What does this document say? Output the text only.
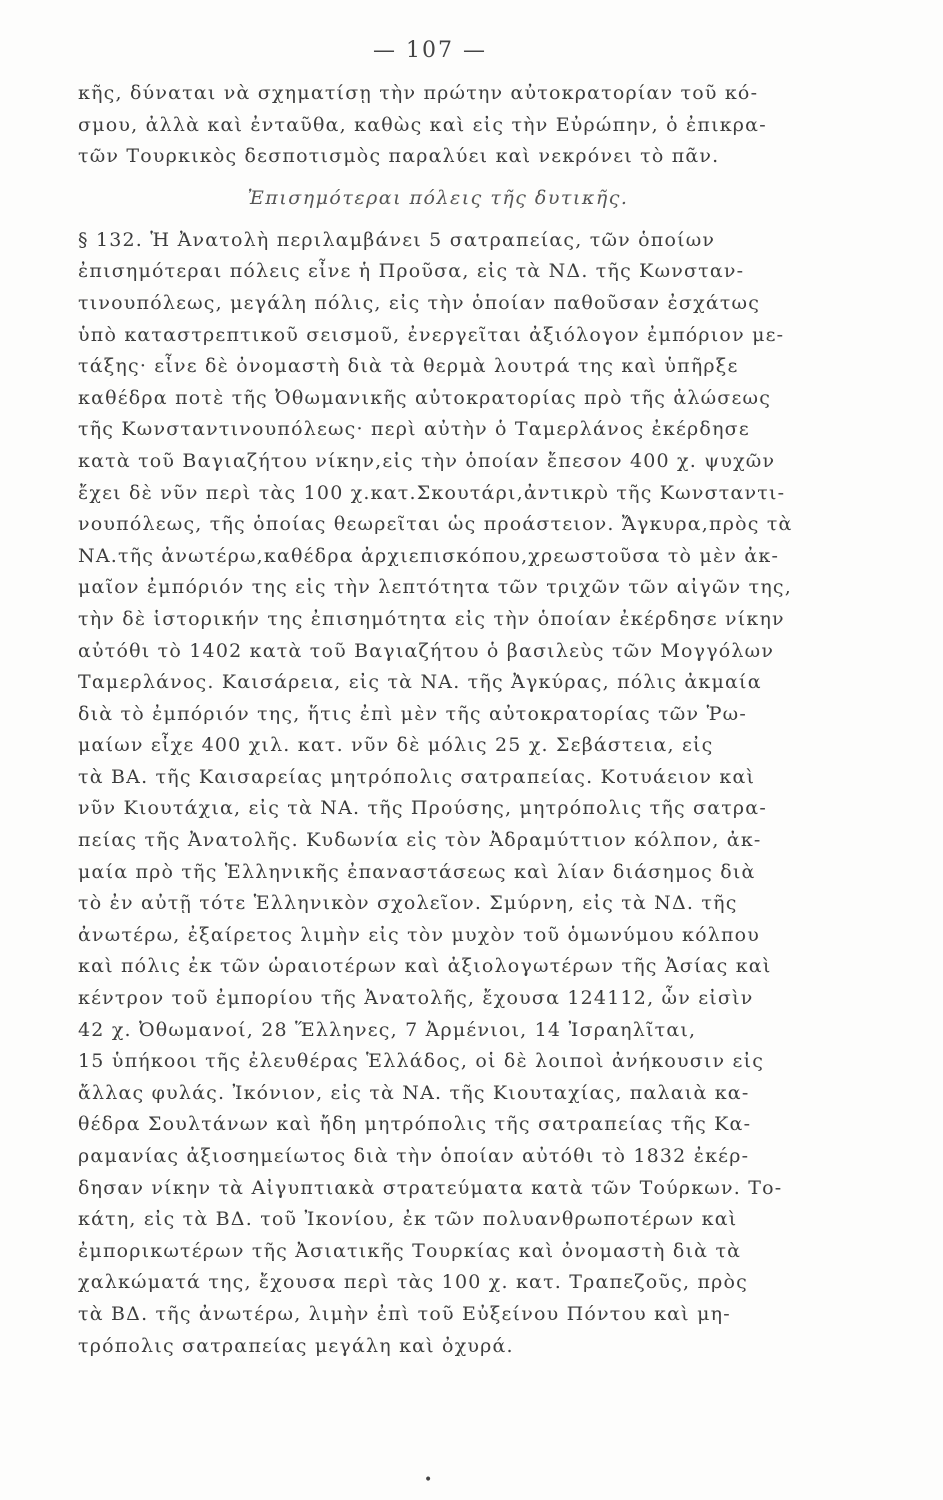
— 107 —
κῆς, δύναται νὰ σχηματίσῃ τὴν πρώτην αὐτοκρατορίαν τοῦ κό-
σμου, ἀλλὰ καὶ ἐνταῦθα, καθὼς καὶ εἰς τὴν Εὐρώπην, ὁ ἐπικρα-
τῶν Τουρκικὸς δεσποτισμὸς παραλύει καὶ νεκρόνει τὸ πᾶν.
Ἐπισημότεραι πόλεις τῆς δυτικῆς.
§ 132. Ἡ Ἀνατολὴ περιλαμβάνει 5 σατραπείας, τῶν ὁποίων
ἐπισημότεραι πόλεις εἶνε ἡ Προῦσα, εἰς τὰ ΝΔ. τῆς Κωνσταν-
τινουπόλεως, μεγάλη πόλις, εἰς τὴν ὁποίαν παθοῦσαν ἐσχάτως
ὑπὸ καταστρεπτικοῦ σεισμοῦ, ἐνεργεῖται ἀξιόλογον ἐμπόριον με-
τάξης· εἶνε δὲ ὀνομαστὴ διὰ τὰ θερμὰ λουτρά της καὶ ὑπῆρξε
καθέδρα ποτὲ τῆς Ὀθωμανικῆς αὐτοκρατορίας πρὸ τῆς ἁλώσεως
τῆς Κωνσταντινουπόλεως· περὶ αὐτὴν ὁ Ταμερλάνος ἐκέρδησε
κατὰ τοῦ Βαγιαζήτου νίκην,εἰς τὴν ὁποίαν ἔπεσον 400 χ. ψυχῶν
ἔχει δὲ νῦν περὶ τὰς 100 χ.κατ.Σκουτάρι,ἀντικρὺ τῆς Κωνσταντι-
νουπόλεως, τῆς ὁποίας θεωρεῖται ὡς προάστειον. Ἄγκυρα,πρὸς τὰ
ΝΑ.τῆς ἀνωτέρω,καθέδρα ἀρχιεπισκόπου,χρεωστοῦσα τὸ μὲν ἀκ-
μαῖον ἐμπόριόν της εἰς τὴν λεπτότητα τῶν τριχῶν τῶν αἰγῶν της,
τὴν δὲ ἱστορικήν της ἐπισημότητα εἰς τὴν ὁποίαν ἐκέρδησε νίκην
αὐτόθι τὸ 1402 κατὰ τοῦ Βαγιαζήτου ὁ βασιλεὺς τῶν Μογγόλων
Ταμερλάνος. Καισάρεια, εἰς τὰ ΝΑ. τῆς Ἀγκύρας, πόλις ἀκμαία
διὰ τὸ ἐμπόριόν της, ἥτις ἐπὶ μὲν τῆς αὐτοκρατορίας τῶν Ῥω-
μαίων εἶχε 400 χιλ. κατ. νῦν δὲ μόλις 25 χ. Σεβάστεια, εἰς
τὰ ΒΑ. τῆς Καισαρείας μητρόπολις σατραπείας. Κοτυάειον καὶ
νῦν Κιουτάχια, εἰς τὰ ΝΑ. τῆς Προύσης, μητρόπολις τῆς σατρα-
πείας τῆς Ἀνατολῆς. Κυδωνία εἰς τὸν Ἀδραμύττιον κόλπον, ἀκ-
μαία πρὸ τῆς Ἑλληνικῆς ἐπαναστάσεως καὶ λίαν διάσημος διὰ
τὸ ἐν αὐτῇ τότε Ἑλληνικὸν σχολεῖον. Σμύρνη, εἰς τὰ ΝΔ. τῆς
ἀνωτέρω, ἐξαίρετος λιμὴν εἰς τὸν μυχὸν τοῦ ὁμωνύμου κόλπου
καὶ πόλις ἐκ τῶν ὡραιοτέρων καὶ ἀξιολογωτέρων τῆς Ἀσίας καὶ
κέντρον τοῦ ἐμπορίου τῆς Ἀνατολῆς, ἔχουσα 124112, ὧν εἰσὶν
42 χ. Ὀθωμανοί, 28 Ἕλληνες, 7 Ἀρμένιοι, 14 Ἰσραηλῖται,
15 ὑπήκοοι τῆς ἐλευθέρας Ἑλλάδος, οἱ δὲ λοιποὶ ἀνήκουσιν εἰς
ἄλλας φυλάς. Ἰκόνιον, εἰς τὰ ΝΑ. τῆς Κιουταχίας, παλαιὰ κα-
θέδρα Σουλτάνων καὶ ἤδη μητρόπολις τῆς σατραπείας τῆς Κα-
ραμανίας ἀξιοσημείωτος διὰ τὴν ὁποίαν αὐτόθι τὸ 1832 ἐκέρ-
δησαν νίκην τὰ Αἰγυπτιακὰ στρατεύματα κατὰ τῶν Τούρκων. Το-
κάτη, εἰς τὰ ΒΔ. τοῦ Ἰκονίου, ἐκ τῶν πολυανθρωποτέρων καὶ
ἐμπορικωτέρων τῆς Ἀσιατικῆς Τουρκίας καὶ ὀνομαστὴ διὰ τὰ
χαλκώματά της, ἔχουσα περὶ τὰς 100 χ. κατ. Τραπεζοῦς, πρὸς
τὰ ΒΔ. τῆς ἀνωτέρω, λιμὴν ἐπὶ τοῦ Εὐξείνου Πόντου καὶ μη-
τρόπολις σατραπείας μεγάλη καὶ ὀχυρά.
•
